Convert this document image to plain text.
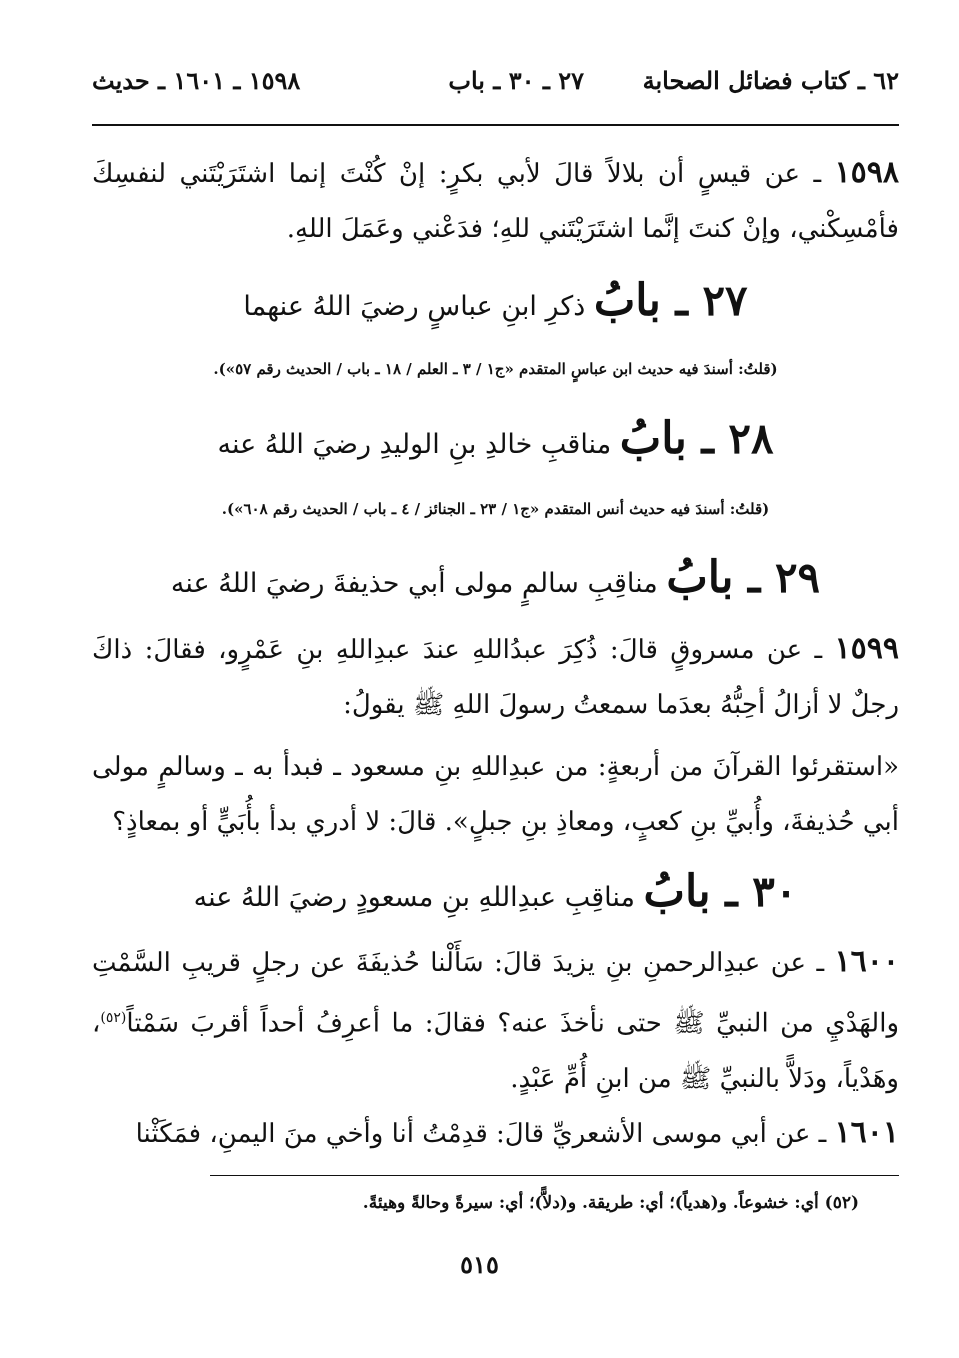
٦٢ ـ كتاب فضائل الصحابة
٢٧ ـ ٣٠ ـ باب
١٥٩٨ ـ ١٦٠١ ـ حديث
١٥٩٨ ـ عن قيسٍ أن بلالاً قالَ لأبي بكرٍ: إنْ كُنْتَ إنما اشتَرَيْتَني لنفسِكَ فأمْسِكْني، وإنْ كنتَ إنَّما اشتَرَيْتَني للهِ؛ فدَعْني وعَمَلَ اللهِ.
٢٧ ـ بابُ ذكرِ ابنِ عباسٍ رضيَ اللهُ عنهما
(قلتُ: أسندَ فيه حديث ابن عباسٍ المتقدم «ج١ / ٣ ـ العلم / ١٨ ـ باب / الحديث رقم ٥٧»).
٢٨ ـ بابُ مناقبِ خالدِ بنِ الوليدِ رضيَ اللهُ عنه
(قلتُ: أسندَ فيه حديث أنس المتقدم «ج١ / ٢٣ ـ الجنائز / ٤ ـ باب / الحديث رقم ٦٠٨»).
٢٩ ـ بابُ مناقِبِ سالمٍ مولى أبي حذيفةَ رضيَ اللهُ عنه
١٥٩٩ ـ عن مسروقٍ قالَ: ذُكِرَ عبدُاللهِ عندَ عبدِاللهِ بنِ عَمْرٍو، فقالَ: ذاكَ رجلٌ لا أزالُ أحِبُّهُ بعدَما سمعتُ رسولَ اللهِ ﷺ يقولُ:
«استقرئوا القرآنَ من أربعةٍ: من عبدِاللهِ بنِ مسعود ـ فبدأ به ـ وسالمٍ مولى أبي حُذيفةَ، وأُبيِّ بنِ كعبٍ، ومعاذِ بنِ جبلٍ». قالَ: لا أدري بدأ بأُبَيٍّ أو بمعاذٍ؟
٣٠ ـ بابُ مناقِبِ عبدِاللهِ بنِ مسعودٍ رضيَ اللهُ عنه
١٦٠٠ ـ عن عبدِالرحمنِ بنِ يزيدَ قالَ: سَأَلْنا حُذيفَةَ عن رجلٍ قريبِ السَّمْتِ والهَدْيِ من النبيِّ ﷺ حتى نأخذَ عنه؟ فقالَ: ما أعرِفُ أحداً أقربَ سَمْتاً$^{(٥٢)}$، وهَدْياً، ودَلاًّ بالنبيِّ ﷺ من ابنِ أُمِّ عَبْدٍ.
١٦٠١ ـ عن أبي موسى الأشعريِّ قالَ: قدِمْتُ أنا وأخي منَ اليمنِ، فمَكَثْنا
(٥٢) أي: خشوعاً. و(هدياً)؛ أي: طريقة. و(دلاًّ)؛ أي: سيرةً وحالةً وهيئةً.
٥١٥
